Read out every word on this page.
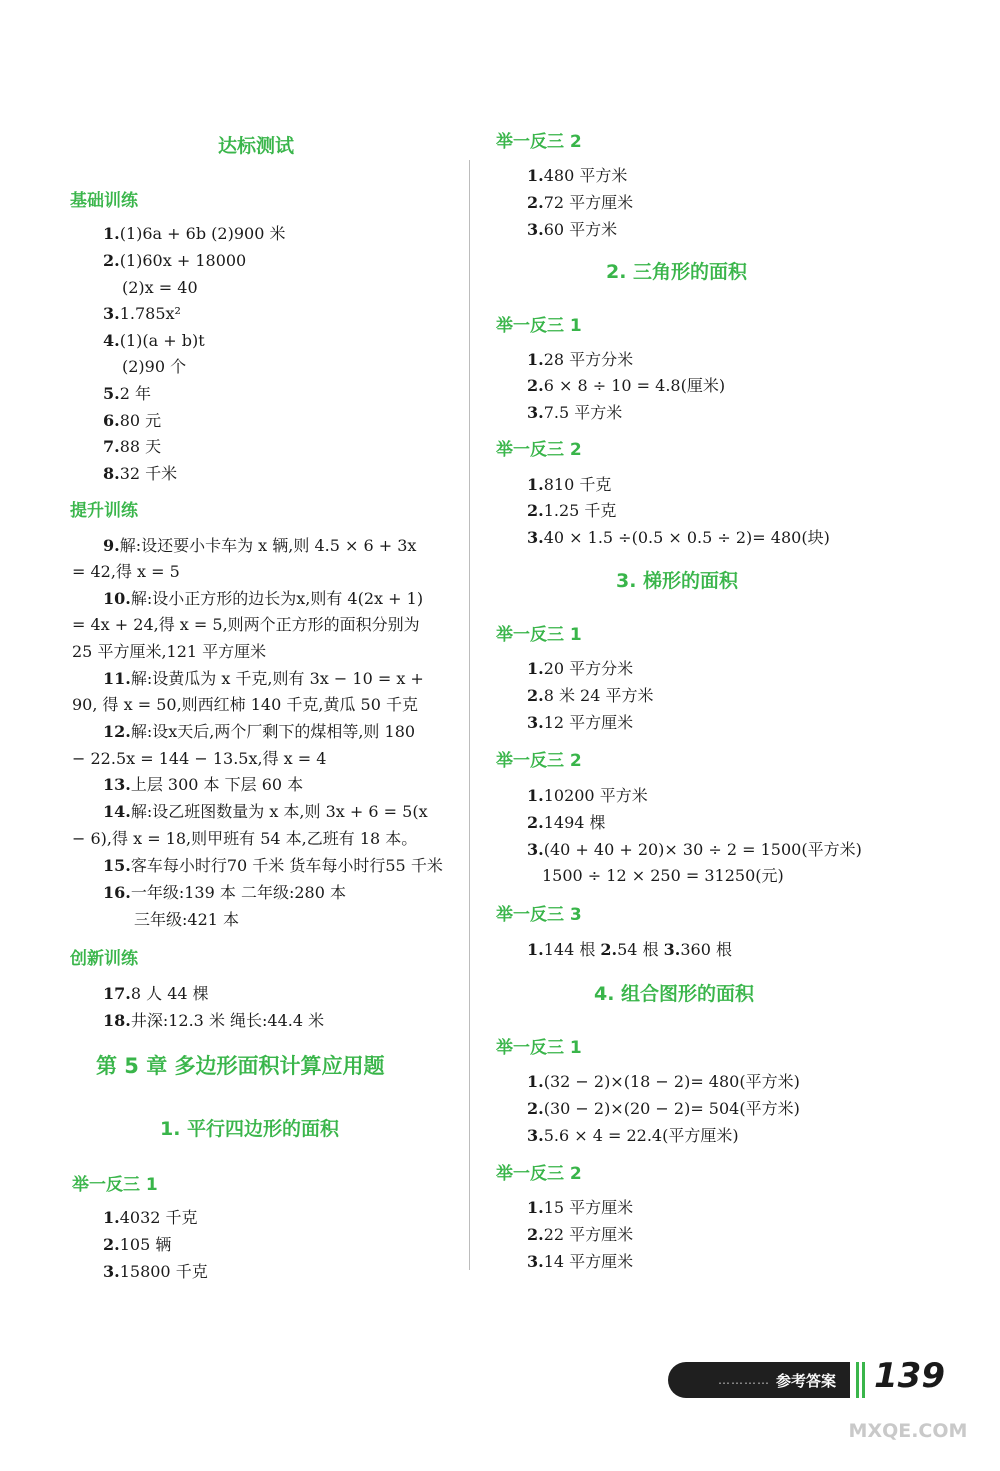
达标测试
基础训练
1.(1)6a + 6b (2)900 米
2.(1)60x + 18000
(2)x = 40
3.1.785x²
4.(1)(a + b)t
(2)90 个
5.2 年
6.80 元
7.88 天
8.32 千米
提升训练
9.解:设还要小卡车为 x 辆,则 4.5 × 6 + 3x
= 42,得 x = 5
10.解:设小正方形的边长为x,则有 4(2x + 1)
= 4x + 24,得 x = 5,则两个正方形的面积分别为
25 平方厘米,121 平方厘米
11.解:设黄瓜为 x 千克,则有 3x − 10 = x +
90, 得 x = 50,则西红柿 140 千克,黄瓜 50 千克
12.解:设x天后,两个厂剩下的煤相等,则 180
− 22.5x = 144 − 13.5x,得 x = 4
13.上层 300 本 下层 60 本
14.解:设乙班图数量为 x 本,则 3x + 6 = 5(x
− 6),得 x = 18,则甲班有 54 本,乙班有 18 本。
15.客车每小时行70 千米 货车每小时行55 千米
16.一年级:139 本 二年级:280 本
三年级:421 本
创新训练
17.8 人 44 棵
18.井深:12.3 米 绳长:44.4 米
第 5 章 多边形面积计算应用题
1. 平行四边形的面积
举一反三 1
1.4032 千克
2.105 辆
3.15800 千克
举一反三 2
1.480 平方米
2.72 平方厘米
3.60 平方米
2. 三角形的面积
举一反三 1
1.28 平方分米
2.6 × 8 ÷ 10 = 4.8(厘米)
3.7.5 平方米
举一反三 2
1.810 千克
2.1.25 千克
3.40 × 1.5 ÷(0.5 × 0.5 ÷ 2)= 480(块)
3. 梯形的面积
举一反三 1
1.20 平方分米
2.8 米 24 平方米
3.12 平方厘米
举一反三 2
1.10200 平方米
2.1494 棵
3.(40 + 40 + 20)× 30 ÷ 2 = 1500(平方米)
1500 ÷ 12 × 250 = 31250(元)
举一反三 3
1.144 根 2.54 根 3.360 根
4. 组合图形的面积
举一反三 1
1.(32 − 2)×(18 − 2)= 480(平方米)
2.(30 − 2)×(20 − 2)= 504(平方米)
3.5.6 × 4 = 22.4(平方厘米)
举一反三 2
1.15 平方厘米
2.22 平方厘米
3.14 平方厘米
………… 参考答案 139
MXQE.COM
